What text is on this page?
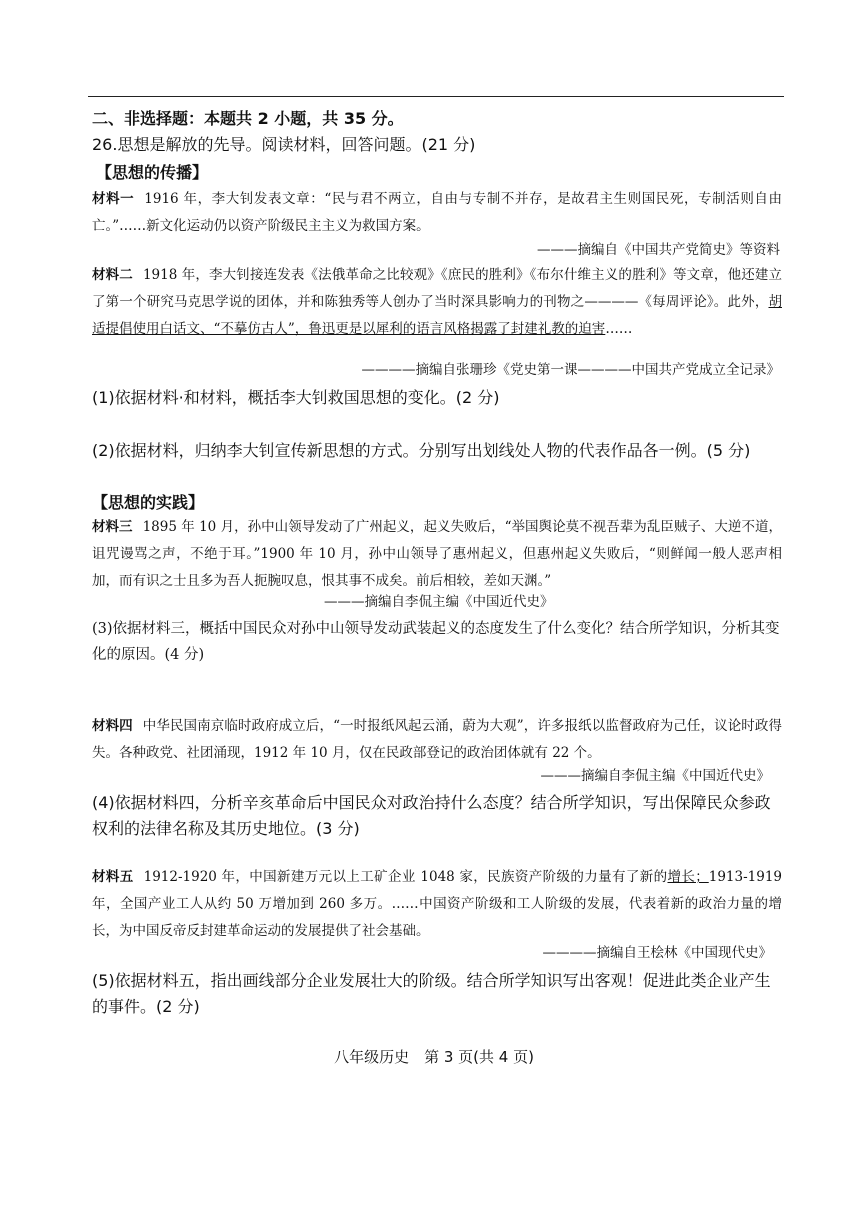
二、非选择题：本题共 2 小题，共 35 分。
26.思想是解放的先导。阅读材料，回答问题。(21 分)
【思想的传播】
材料一 1916 年，李大钊发表文章：“民与君不两立，自由与专制不并存，是故君主生则国民死，专制活则自由亡。”……新文化运动仍以资产阶级民主主义为救国方案。
———摘编自《中国共产党简史》等资料
材料二 1918 年，李大钊接连发表《法俄革命之比较观》《庶民的胜利》《布尔什维主义的胜利》等文章，他还建立了第一个研究马克思学说的团体，并和陈独秀等人创办了当时深具影响力的刊物之————《每周评论》。此外，胡适提倡使用白话文、“不摹仿古人”，鲁迅更是以犀利的语言风格揭露了封建礼教的迫害……
————摘编自张珊珍《党史第一课————中国共产党成立全记录》
(1)依据材料·和材料，概括李大钊救国思想的变化。(2 分)
(2)依据材料，归纳李大钊宣传新思想的方式。分别写出划线处人物的代表作品各一例。(5 分)
【思想的实践】
材料三 1895 年 10 月，孙中山领导发动了广州起义，起义失败后，“举国舆论莫不视吾辈为乱臣贼子、大逆不道，诅咒谩骂之声，不绝于耳。”1900 年 10 月，孙中山领导了惠州起义，但惠州起义失败后，“则鲜闻一般人恶声相加，而有识之士且多为吾人扼腕叹息，恨其事不成矣。前后相较，差如天渊。”
———摘编自李侃主编《中国近代史》
(3)依据材料三，概括中国民众对孙中山领导发动武装起义的态度发生了什么变化？结合所学知识，分析其变化的原因。(4 分)
材料四 中华民国南京临时政府成立后，“一时报纸风起云涌，蔚为大观”，许多报纸以监督政府为己任，议论时政得失。各种政党、社团涌现，1912 年 10 月，仅在民政部登记的政治团体就有 22 个。
———摘编自李侃主编《中国近代史》
(4)依据材料四，分析辛亥革命后中国民众对政治持什么态度？结合所学知识，写出保障民众参政权利的法律名称及其历史地位。(3 分)
材料五 1912-1920 年，中国新建万元以上工矿企业 1048 家，民族资产阶级的力量有了新的增长；1913-1919 年，全国产业工人从约 50 万增加到 260 多万。……中国资产阶级和工人阶级的发展，代表着新的政治力量的增长，为中国反帝反封建革命运动的发展提供了社会基础。
————摘编自王桧林《中国现代史》
(5)依据材料五，指出画线部分企业发展壮大的阶级。结合所学知识写出客观！促进此类企业产生的事件。(2 分)
八年级历史　第 3 页(共 4 页)
